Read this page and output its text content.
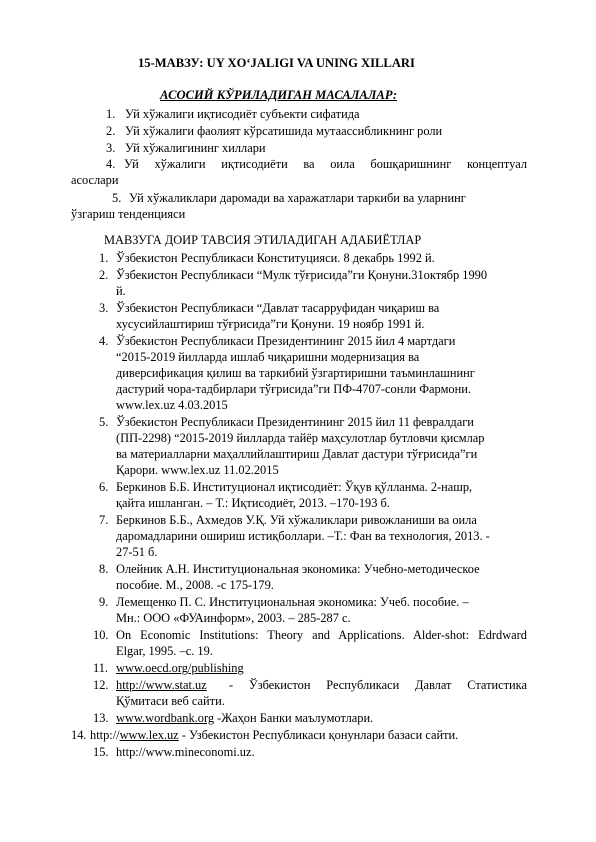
15-МАВЗУ: UY XO‘JALIGI VA UNING XILLARI
АСОСИЙ КЎРИЛАДИГАН МАСАЛАЛАР:
1. Уй хўжалиги иқтисодиёт субъекти сифатида
2. Уй хўжалиги фаолият кўрсатишида мутаассибликнинг роли
3. Уй хўжалигининг хиллари
4. Уй хўжалиги иқтисодиёти ва оила бошқаришнинг концептуал
асослари
5. Уй хўжаликлари даромади ва харажатлари таркиби ва уларнинг
ўзгариш тенденцияси
МАВЗУГА ДОИР ТАВСИЯ ЭТИЛАДИГАН АДАБИЁТЛАР
1. Ўзбекистон Республикаси Конституцияси. 8 декабрь 1992 й.
2. Ўзбекистон Республикаси “Мулк тўғрисида”ги Қонуни.31октябр 1990
й.
3. Ўзбекистон Республикаси “Давлат тасарруфидан чиқариш ва
хусусийлаштириш тўғрисида”ги Қонуни. 19 ноябр 1991 й.
4. Ўзбекистон Республикаси Президентининг 2015 йил 4 мартдаги
“2015-2019 йилларда ишлаб чиқаришни модернизация ва
диверсификация қилиш ва таркибий ўзгартиришни таъминлашнинг
дастурий чора-тадбирлари тўғрисида”ги ПФ-4707-сонли Фармони.
www.lex.uz 4.03.2015
5. Ўзбекистон Республикаси Президентининг 2015 йил 11 февралдаги
(ПП-2298) “2015-2019 йилларда тайёр маҳсулотлар бутловчи қисмлар
ва материалларни маҳаллийлаштириш Давлат дастури тўғрисида”ги
Қарори. www.lex.uz 11.02.2015
6. Беркинов Б.Б. Институционал иқтисодиёт: Ўқув қўлланма. 2-нашр,
қайта ишланган. – Т.: Иқтисодиёт, 2013. –170-193 б.
7. Беркинов Б.Б., Ахмедов У.Қ. Уй хўжаликлари ривожланиши ва оила
даромадларини ошириш истиқболлари. –Т.: Фан ва технология, 2013. -
27-51 б.
8. Олейник А.Н. Институциональная экономика: Учебно-методическое
пособие. М., 2008. -с 175-179.
9. Лемещенко П. С. Институциональная экономика: Учеб. пособие. –
Мн.: ООО «ФУАинформ», 2003. – 285-287 с.
10. On Economic Institutions: Theory and Applications. Alder-shot: Edrdward
Elgar, 1995. –c. 19.
11. www.oecd.org/publishing
12. http://www.stat.uz - Ўзбекистон Республикаси Давлат Статистика
Қўмитаси веб сайти.
13. www.wordbank.org -Жаҳон Банки маълумотлари.
14. http://www.lex.uz - Узбекистон Республикаси қонунлари базаси сайти.
15. http://www.mineconomi.uz.
